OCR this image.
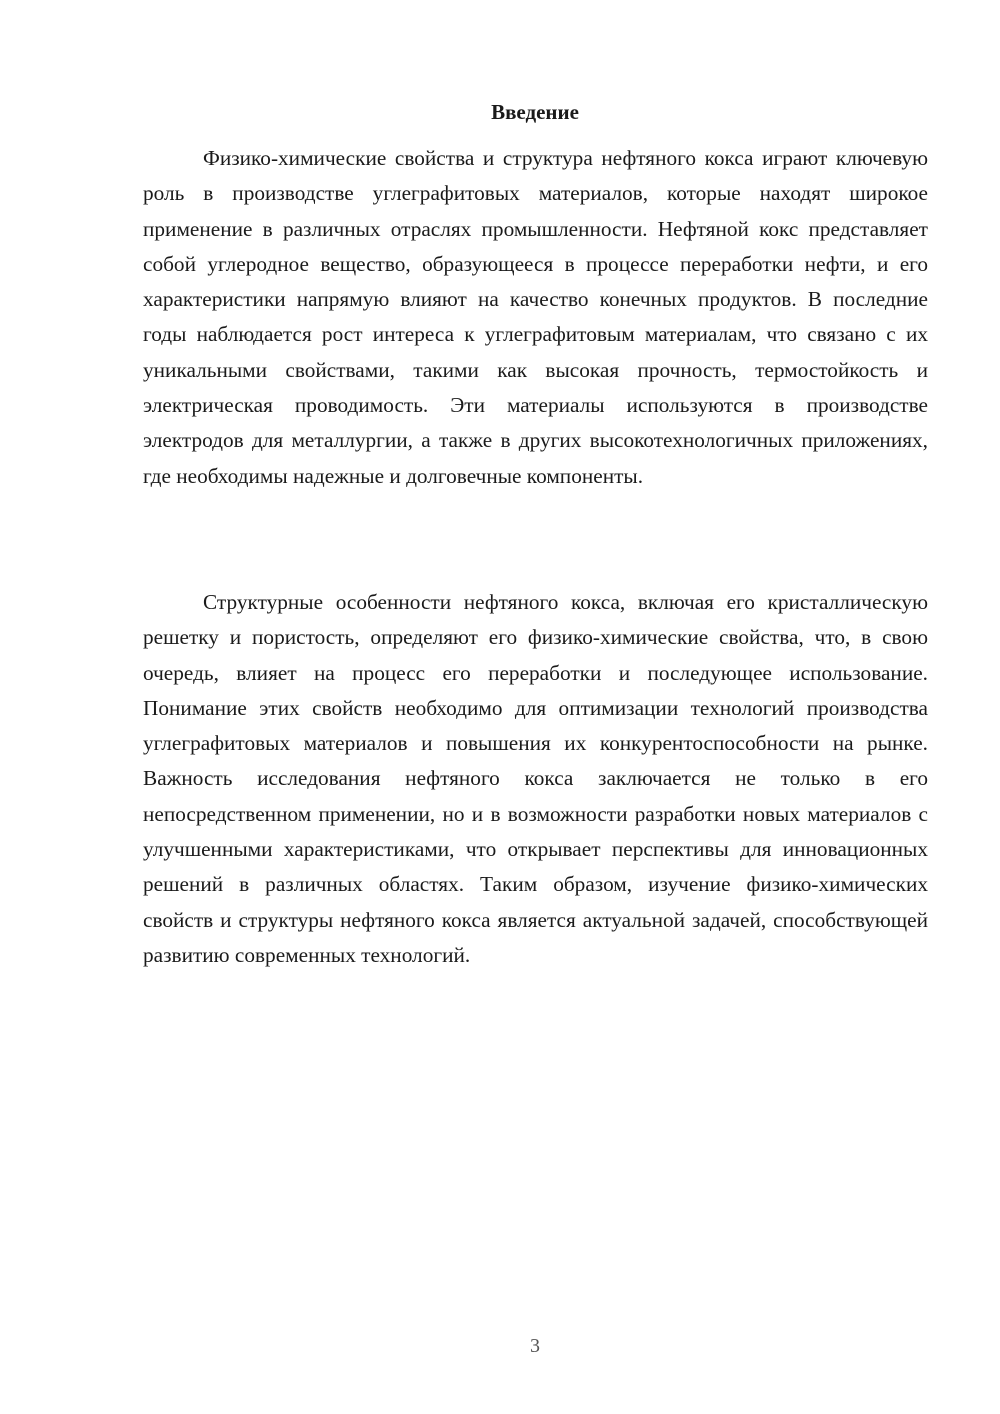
Введение

Физико-химические свойства и структура нефтяного кокса играют ключевую роль в производстве углеграфитовых материалов, которые находят широкое применение в различных отраслях промышленности. Нефтяной кокс представляет собой углеродное вещество, образующееся в процессе переработки нефти, и его характеристики напрямую влияют на качество конечных продуктов. В последние годы наблюдается рост интереса к углеграфитовым материалам, что связано с их уникальными свойствами, такими как высокая прочность, термостойкость и электрическая проводимость. Эти материалы используются в производстве электродов для металлургии, а также в других высокотехнологичных приложениях, где необходимы надежные и долговечные компоненты.

Структурные особенности нефтяного кокса, включая его кристаллическую решетку и пористость, определяют его физико-химические свойства, что, в свою очередь, влияет на процесс его переработки и последующее использование. Понимание этих свойств необходимо для оптимизации технологий производства углеграфитовых материалов и повышения их конкурентоспособности на рынке. Важность исследования нефтяного кокса заключается не только в его непосредственном применении, но и в возможности разработки новых материалов с улучшенными характеристиками, что открывает перспективы для инновационных решений в различных областях. Таким образом, изучение физико-химических свойств и структуры нефтяного кокса является актуальной задачей, способствующей развитию современных технологий.

3
